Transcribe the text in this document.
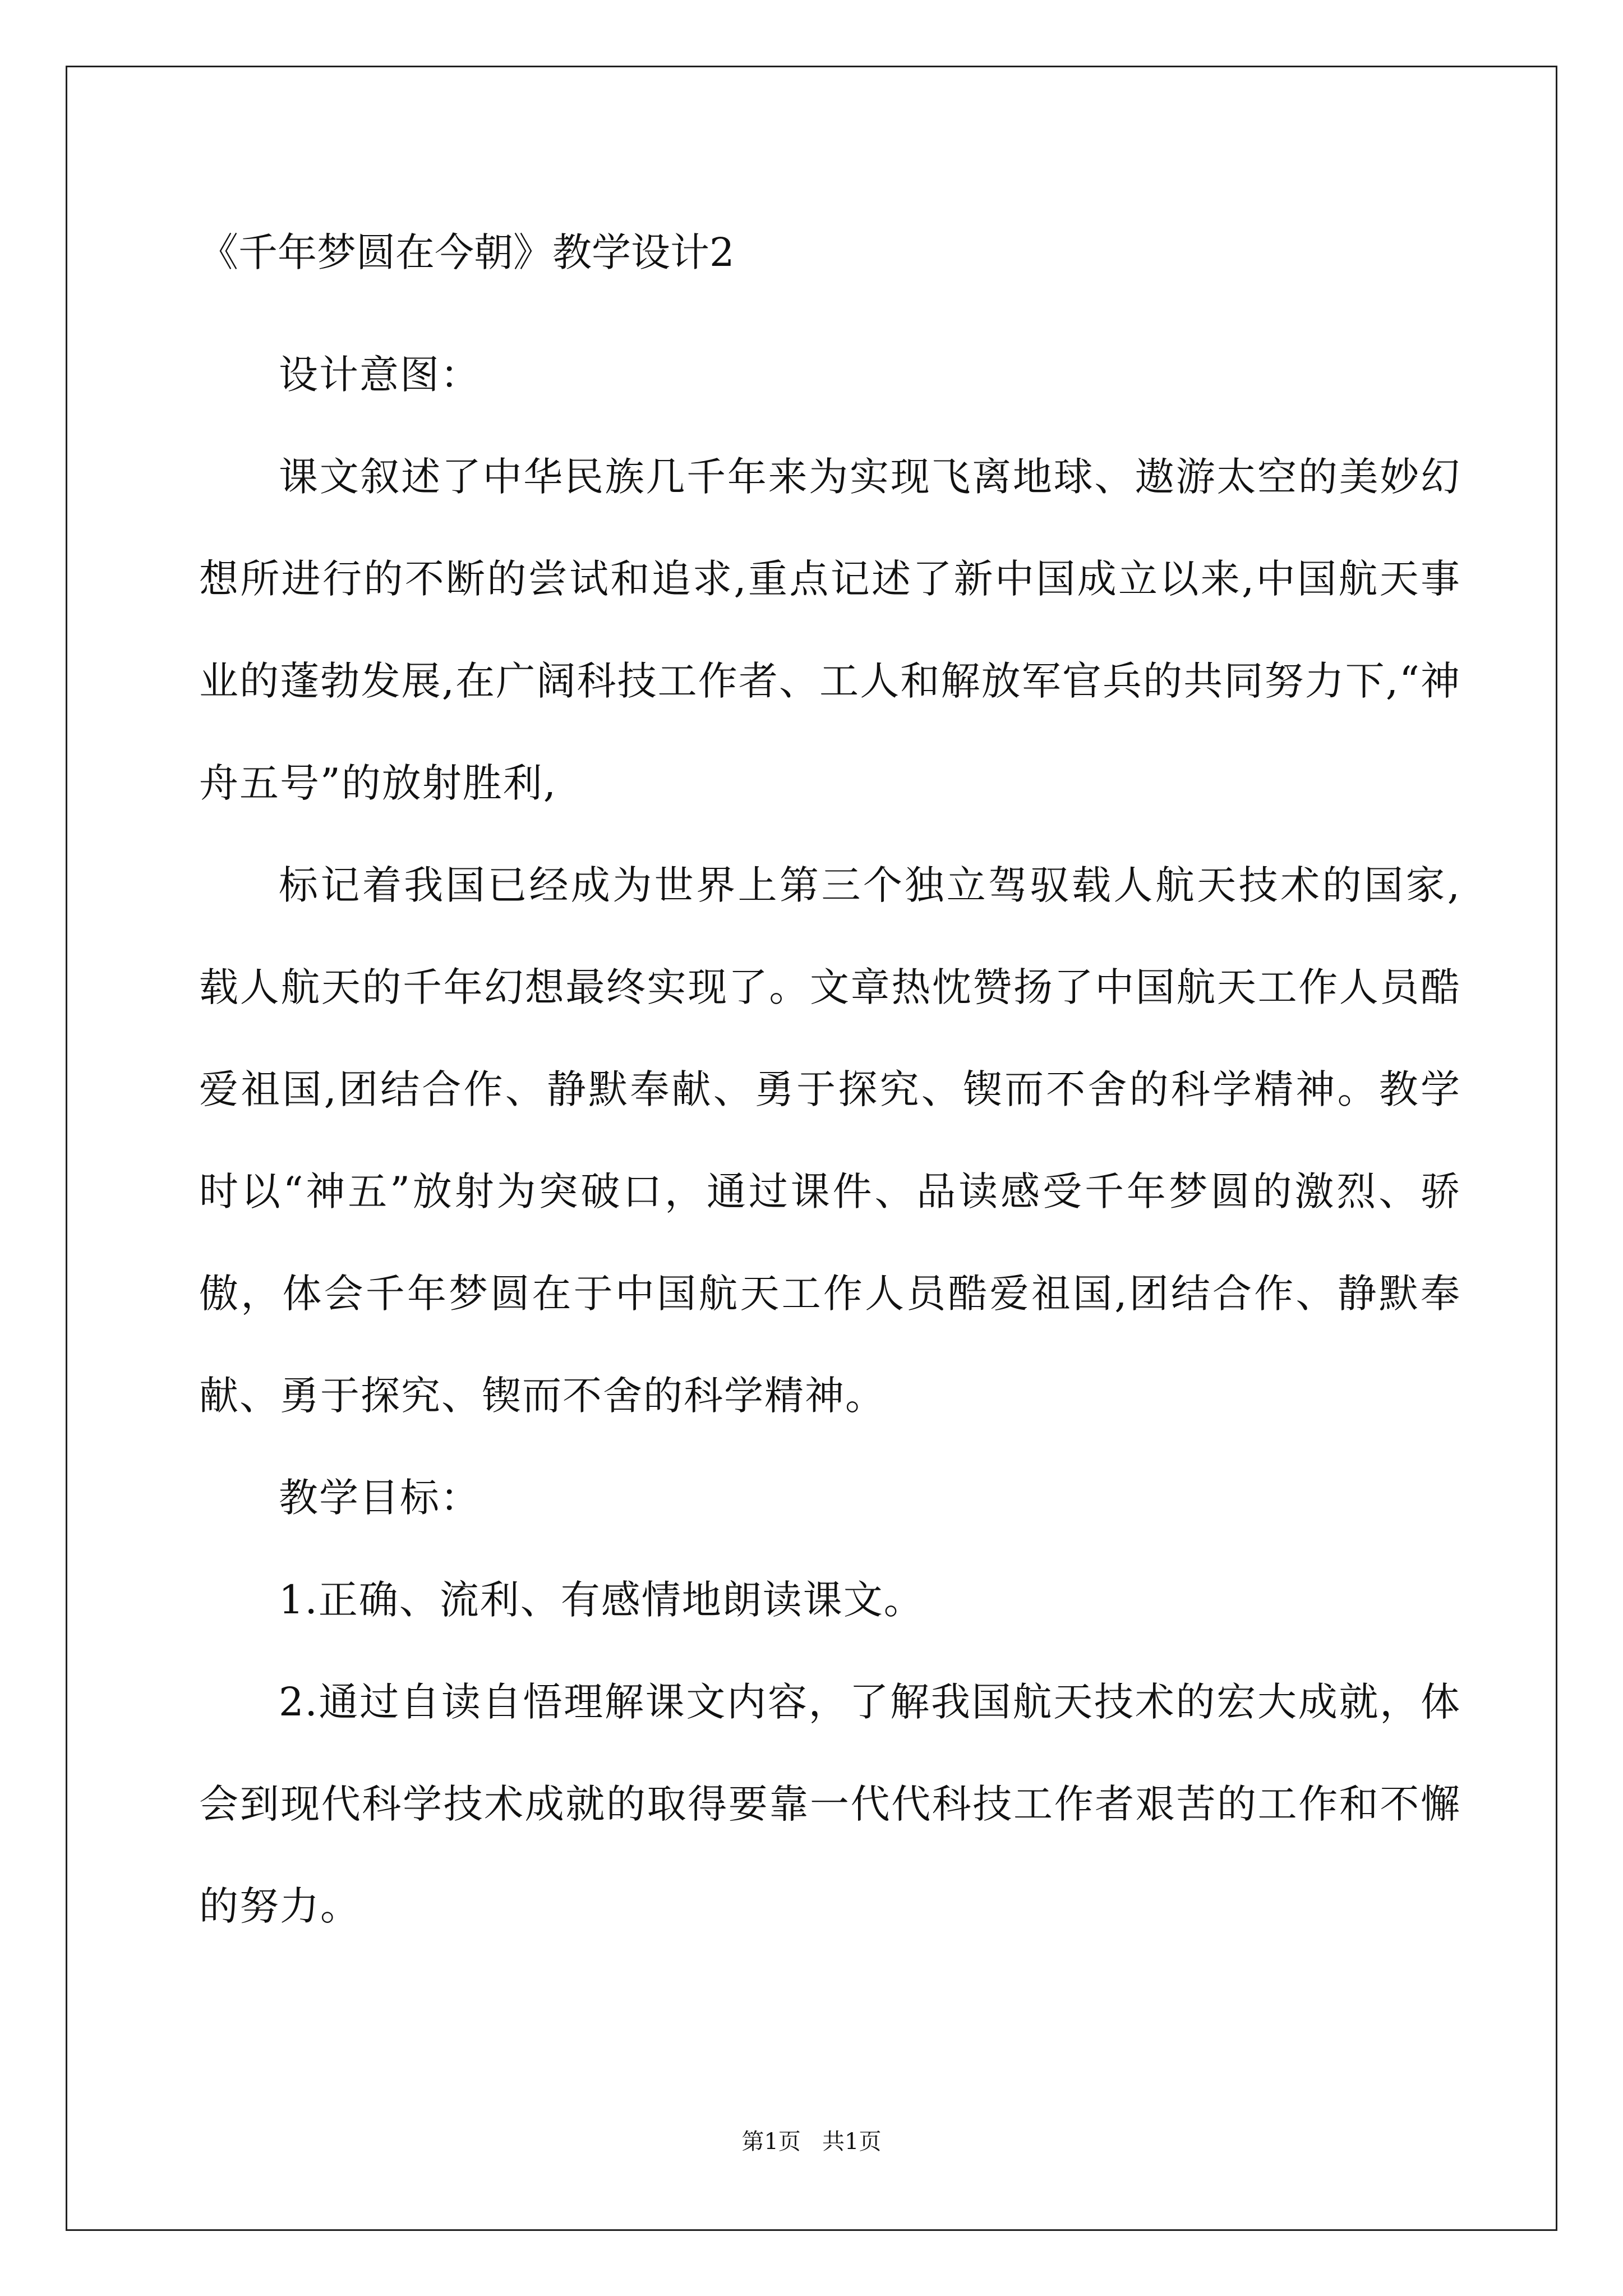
《千年梦圆在今朝》教学设计2

设计意图：

课文叙述了中华民族几千年来为实现飞离地球、遨游太空的美妙幻想所进行的不断的尝试和追求,重点记述了新中国成立以来,中国航天事业的蓬勃发展,在广阔科技工作者、工人和解放军官兵的共同努力下,“神舟五号”的放射胜利,

标记着我国已经成为世界上第三个独立驾驭载人航天技术的国家,载人航天的千年幻想最终实现了。文章热忱赞扬了中国航天工作人员酷爱祖国,团结合作、静默奉献、勇于探究、锲而不舍的科学精神。教学时以“神五”放射为突破口，通过课件、品读感受千年梦圆的激烈、骄傲，体会千年梦圆在于中国航天工作人员酷爱祖国,团结合作、静默奉献、勇于探究、锲而不舍的科学精神。

教学目标：

1.正确、流利、有感情地朗读课文。

2.通过自读自悟理解课文内容，了解我国航天技术的宏大成就，体会到现代科学技术成就的取得要靠一代代科技工作者艰苦的工作和不懈的努力。

第1页   共1页
